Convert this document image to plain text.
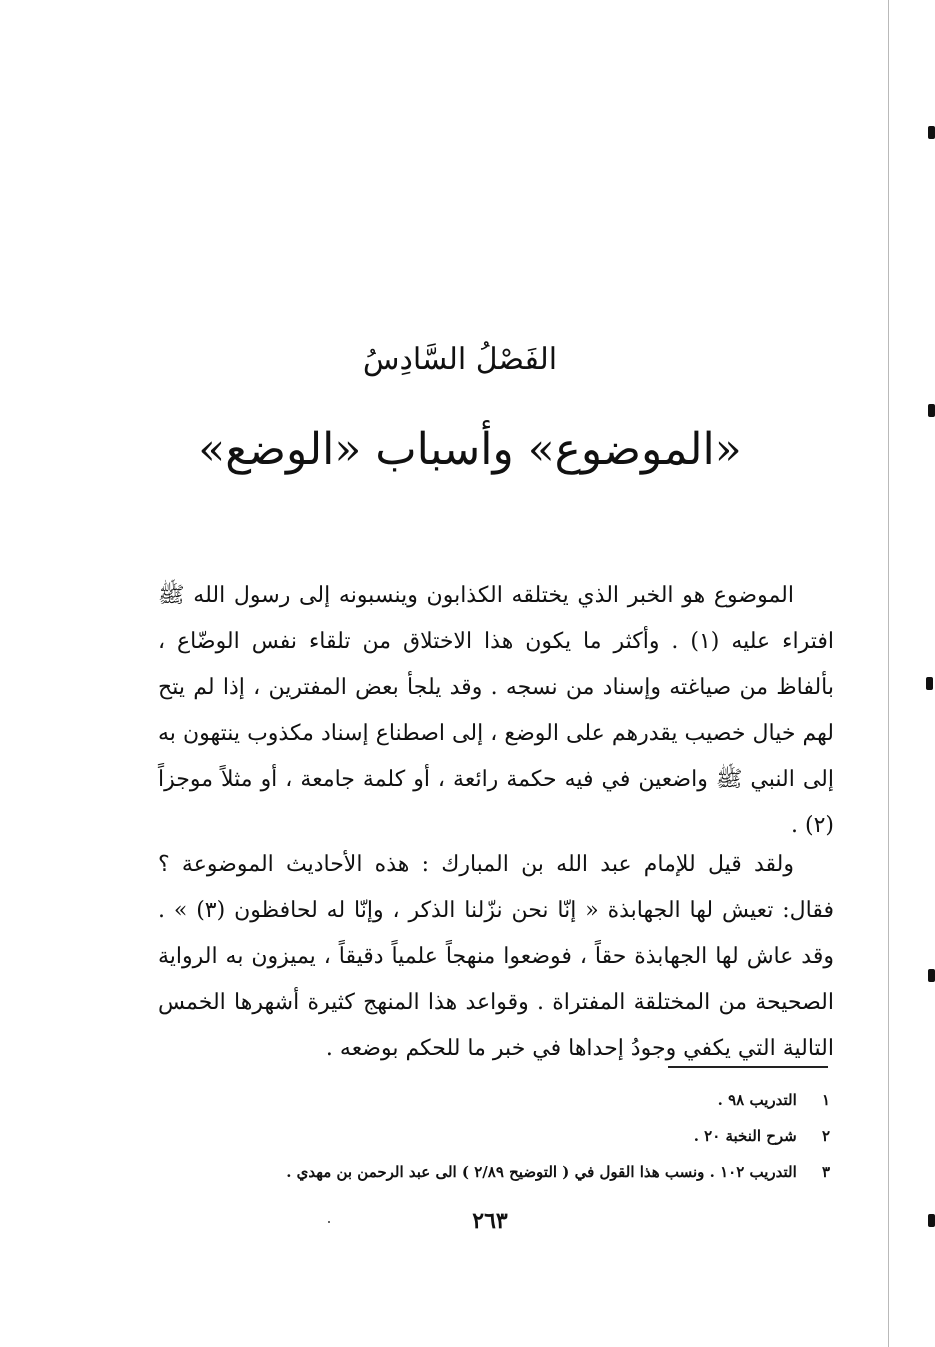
الفَصْلُ السَّادِسُ
«الموضوع» وأسباب «الوضع»

الموضوع هو الخبر الذي يختلقه الكذابون وينسبونه إلى رسول الله ﷺ افتراء عليه (١) . وأكثر ما يكون هذا الاختلاق من تلقاء نفس الوضّاع ، بألفاظ من صياغته وإسناد من نسجه . وقد يلجأ بعض المفترين ، إذا لم يتح لهم خيال خصيب يقدرهم على الوضع ، إلى اصطناع إسناد مكذوب ينتهون به إلى النبي ﷺ واضعين في فيه حكمة رائعة ، أو كلمة جامعة ، أو مثلاً موجزاً (٢) .

ولقد قيل للإمام عبد الله بن المبارك : هذه الأحاديث الموضوعة ؟ فقال: تعيش لها الجهابذة « إنّا نحن نزّلنا الذكر ، وإنّا له لحافظون (٣) » . وقد عاش لها الجهابذة حقاً ، فوضعوا منهجاً علمياً دقيقاً ، يميزون به الرواية الصحيحة من المختلقة المفتراة . وقواعد هذا المنهج كثيرة أشهرها الخمس التالية التي يكفي وجودُ إحداها في خبر ما للحكم بوضعه .

١ التدريب ٩٨ .
٢ شرح النخبة ٢٠ .
٣ التدريب ١٠٢ . ونسب هذا القول في ( التوضيح ٢/٨٩ ) الى عبد الرحمن بن مهدي .
٢٦٣
